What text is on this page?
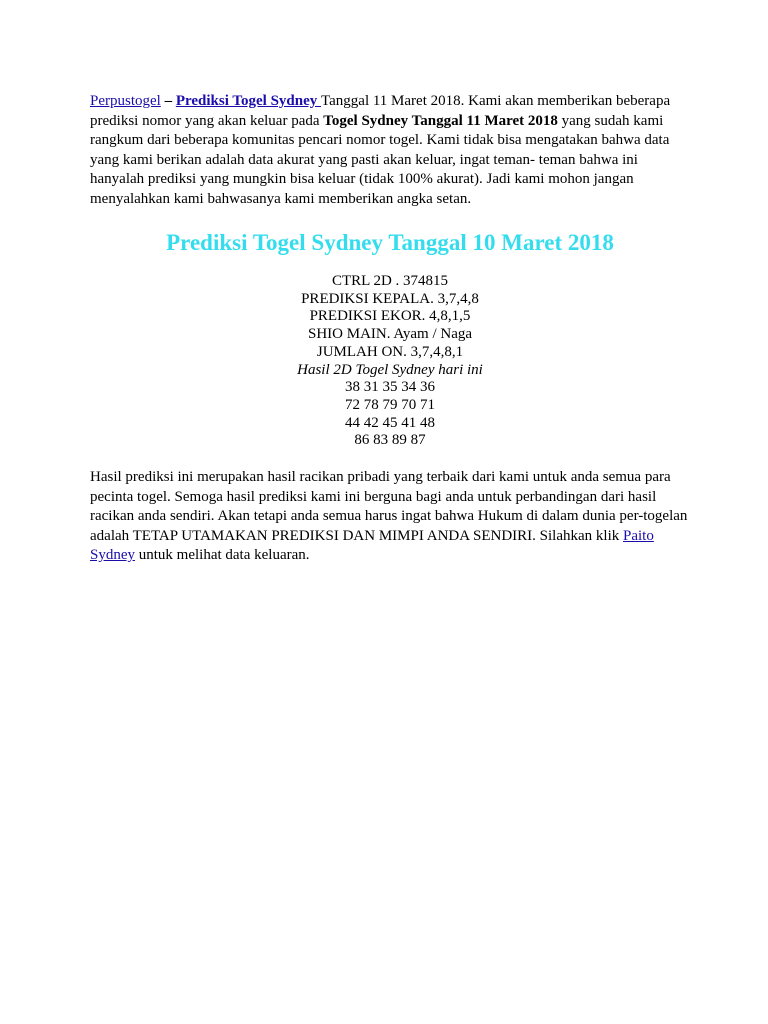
Perpustogel – Prediksi Togel Sydney Tanggal 11 Maret 2018. Kami akan memberikan beberapa prediksi nomor yang akan keluar pada Togel Sydney Tanggal 11 Maret 2018 yang sudah kami rangkum dari beberapa komunitas pencari nomor togel. Kami tidak bisa mengatakan bahwa data yang kami berikan adalah data akurat yang pasti akan keluar, ingat teman- teman bahwa ini hanyalah prediksi yang mungkin bisa keluar (tidak 100% akurat). Jadi kami mohon jangan menyalahkan kami bahwasanya kami memberikan angka setan.

Prediksi Togel Sydney Tanggal 10 Maret 2018
CTRL 2D . 374815
PREDIKSI KEPALA. 3,7,4,8
PREDIKSI EKOR. 4,8,1,5
SHIO MAIN. Ayam / Naga
JUMLAH ON. 3,7,4,8,1
Hasil 2D Togel Sydney hari ini
38 31 35 34 36
72 78 79 70 71
44 42 45 41 48
86 83 89 87

Hasil prediksi ini merupakan hasil racikan pribadi yang terbaik dari kami untuk anda semua para pecinta togel. Semoga hasil prediksi kami ini berguna bagi anda untuk perbandingan dari hasil racikan anda sendiri. Akan tetapi anda semua harus ingat bahwa Hukum di dalam dunia per-togelan adalah TETAP UTAMAKAN PREDIKSI DAN MIMPI ANDA SENDIRI. Silahkan klik Paito Sydney untuk melihat data keluaran.
